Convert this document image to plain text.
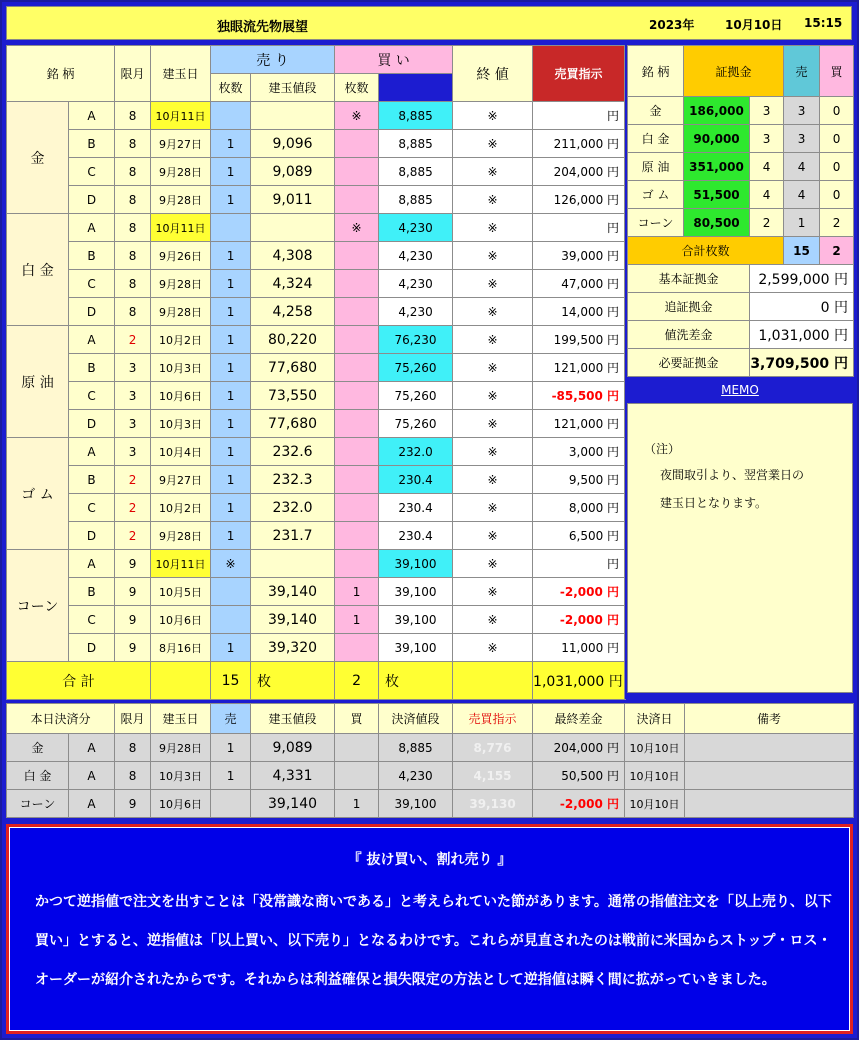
独眼流先物展望	2023年	10月10日 15:15
銘 柄		限月	建玉日	売 り		買 い		終 値	売買指示	
				枚数	建玉値段	枚数			
金	A	8	10月11日			※	8,885	※	円	
	B	8	9月27日	1	9,096		8,885	※	211,000 円	
	C	8	9月28日	1	9,089		8,885	※	204,000 円	
	D	8	9月28日	1	9,011		8,885	※	126,000 円	
白 金	A	8	10月11日			※	4,230	※	円	
	B	8	9月26日	1	4,308		4,230	※	39,000 円	
	C	8	9月28日	1	4,324		4,230	※	47,000 円	
	D	8	9月28日	1	4,258		4,230	※	14,000 円	
原 油	A	2	10月2日	1	80,220		76,230	※	199,500 円	
	B	3	10月3日	1	77,680		75,260	※	121,000 円	
	C	3	10月6日	1	73,550		75,260	※	-85,500 円	
	D	3	10月3日	1	77,680		75,260	※	121,000 円	
ゴ ム	A	3	10月4日	1	232.6		232.0	※	3,000 円	
	B	2	9月27日	1	232.3		230.4	※	9,500 円	
	C	2	10月2日	1	232.0		230.4	※	8,000 円	
	D	2	9月28日	1	231.7		230.4	※	6,500 円	
コーン	A	9	10月11日	※			39,100	※	円	
	B	9	10月5日		39,140	1	39,100	※	-2,000 円	
	C	9	10月6日		39,140	1	39,100	※	-2,000 円	
	D	9	8月16日	1	39,320		39,100	※	11,000 円	
合 計				15	枚	2	枚		1,031,000 円	
銘 柄	証拠金		売	買
金	186,000	3	3	0
白 金	90,000	3	3	0
原 油	351,000	4	4	0
ゴ ム	51,500	4	4	0
コーン	80,500	2	1	2
合計枚数			15	2
基本証拠金		2,599,000 円		
追証拠金		0 円		
値洗差金		1,031,000 円		
必要証拠金		3,709,500 円		
MEMO
（注）
夜間取引より、翌営業日の
建玉日となります。
本日決済分		限月	建玉日	売	建玉値段	買	決済値段	売買指示	最終差金	決済日	備考
金	A	8	9月28日	1	9,089		8,885	8,776	204,000 円	10月10日	
白 金	A	8	10月3日	1	4,331		4,230	4,155	50,500 円	10月10日	
コーン	A	9	10月6日		39,140	1	39,100	39,130	-2,000 円	10月10日	
『 抜け買い、割れ売り 』
かつて逆指値で注文を出すことは「没常識な商いである」と考えられていた節があります。通常の指値注文を「以上売り、以下買い」とすると、逆指値は「以上買い、以下売り」となるわけです。これらが見直されたのは戦前に米国からストップ・ロス・オーダーが紹介されたからです。それからは利益確保と損失限定の方法として逆指値は瞬く間に拡がっていきました。
